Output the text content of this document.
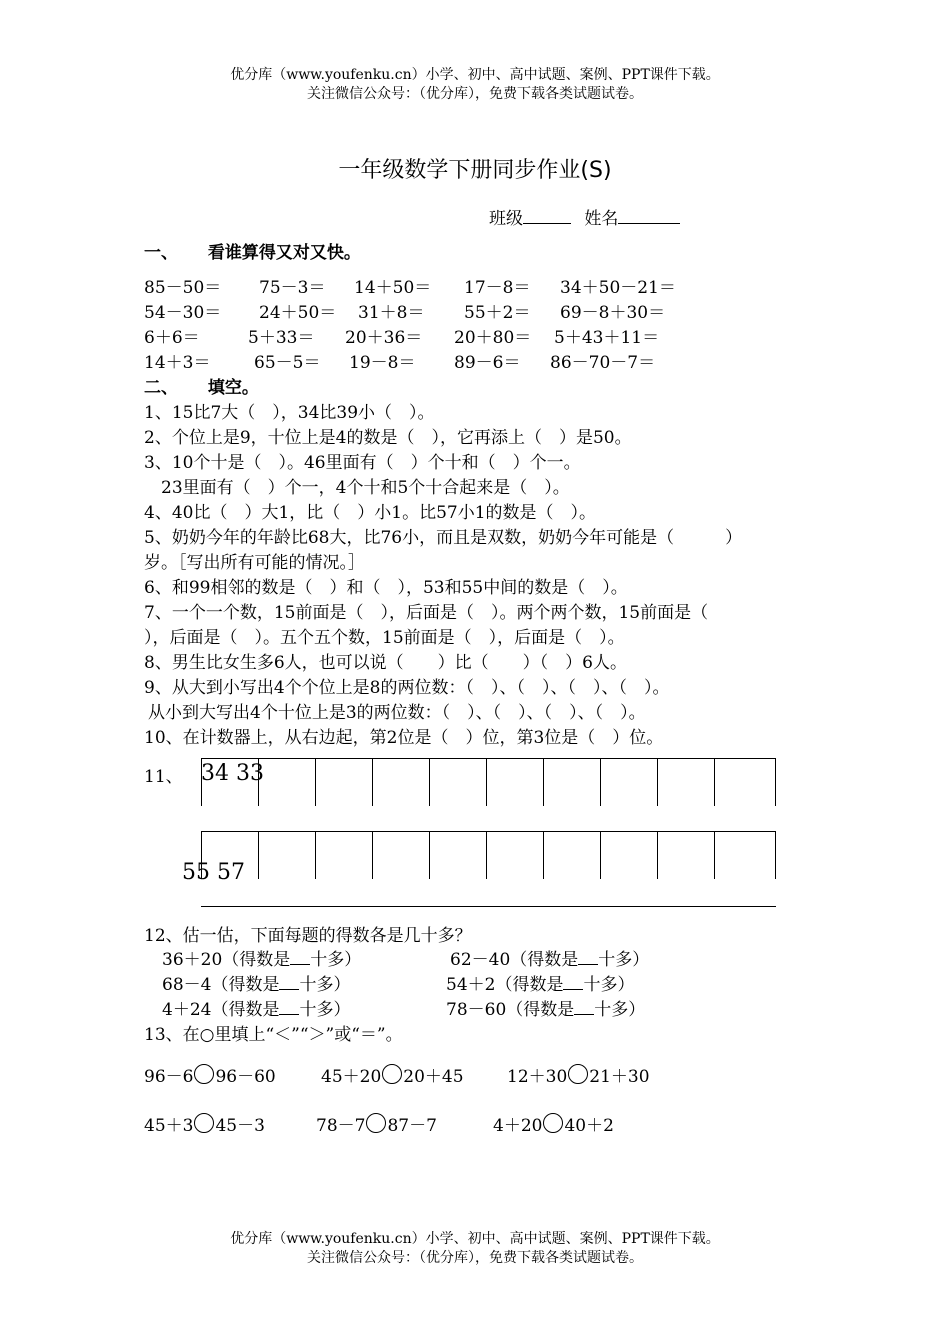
优分库（www.youfenku.cn）小学、初中、高中试题、案例、PPT课件下载。
关注微信公众号：（优分库），免费下载各类试题试卷。
一年级数学下册同步作业(S)
班级	姓名
一、 看谁算得又对又快。
85－50＝ 75－3＝ 14＋50＝ 17－8＝ 34＋50－21＝
54－30＝ 24＋50＝ 31＋8＝ 55＋2＝ 69－8＋30＝
6＋6＝	5＋33＝ 20＋36＝ 20＋80＝ 5＋43＋11＝
14＋3＝	65－5＝ 19－8＝ 89－6＝ 86－70－7＝
二、 填空。
1、15比7大（　），34比39小（　）。
2、个位上是9，十位上是4的数是（　），它再添上（　）是50。
3、10个十是（　）。46里面有（　）个十和（　）个一。
　23里面有（　）个一，4个十和5个十合起来是（　）。
4、40比（　）大1，比（　）小1。比57小1的数是（　）。
5、奶奶今年的年龄比68大，比76小，而且是双数，奶奶今年可能是（　　　）
岁。［写出所有可能的情况。］
6、和99相邻的数是（　）和（　），53和55中间的数是（　）。
7、一个一个数，15前面是（　），后面是（　）。两个两个数，15前面是（
），后面是（　）。五个五个数，15前面是（　），后面是（　）。
8、男生比女生多6人，也可以说（　　）比（　　）（　）6人。
9、从大到小写出4个个位上是8的两位数：（　）、（　）、（　）、（　）。
从小到大写出4个十位上是3的两位数：（　）、（　）、（　）、（　）。
10、在计数器上，从右边起，第2位是（　）位，第3位是（　）位。
11、 34 33
55 57
12、估一估，下面每题的得数各是几十多？
36＋20（得数是 十多）	62－40（得数是 十多）
68－4（得数是 十多）	54＋2（得数是 十多）
4＋24（得数是 十多）	78－60（得数是 十多）
13、在○里填上“＜”“＞”或“＝”。
96－6 96－60	45＋20 20＋45	12＋30 21＋30
45＋3 45－3	78－7 87－7	4＋20 40＋2
优分库（www.youfenku.cn）小学、初中、高中试题、案例、PPT课件下载。
关注微信公众号：（优分库），免费下载各类试题试卷。
